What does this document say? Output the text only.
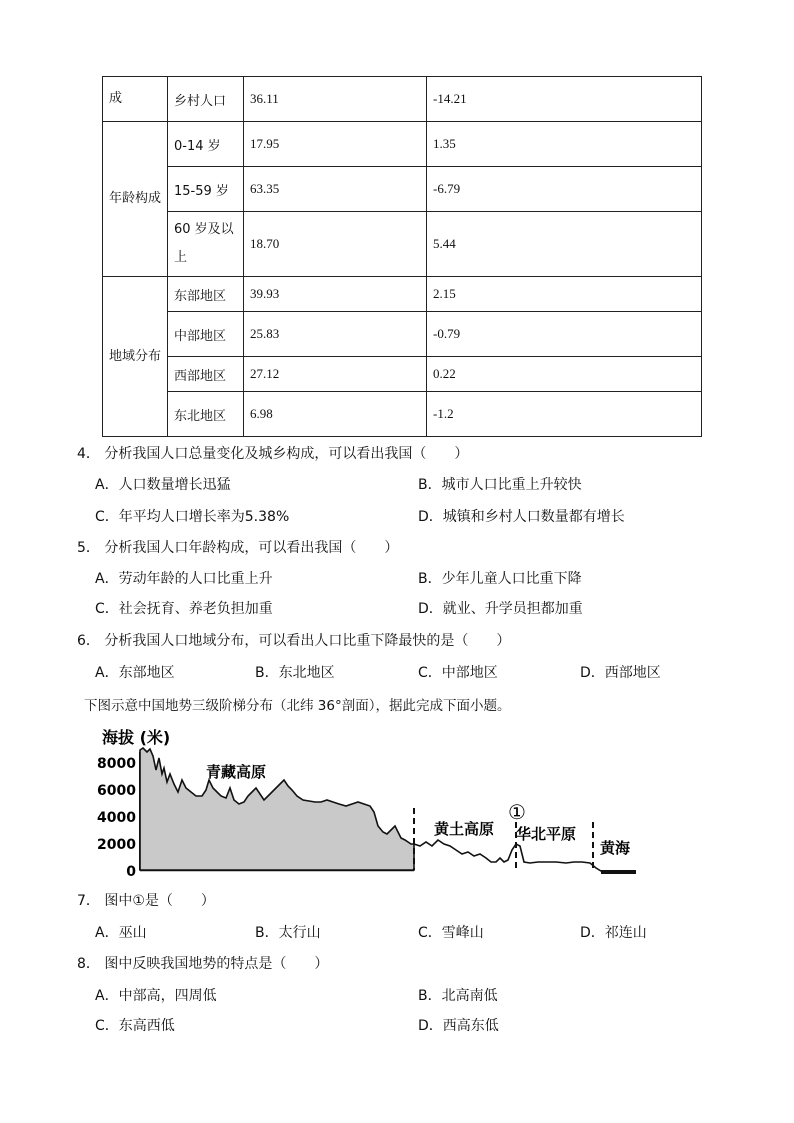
成	乡村人口	36.11	-14.21
年龄构成	0-14 岁	17.95	1.35
	15-59 岁	63.35	-6.79
	60 岁及以上	18.70	5.44
地域分布	东部地区	39.93	2.15
	中部地区	25.83	-0.79
	西部地区	27.12	0.22
	东北地区	6.98	-1.2
4． 分析我国人口总量变化及城乡构成，可以看出我国（　　）
A．人口数量增长迅猛	B．城市人口比重上升较快
C．年平均人口增长率为5.38%	D．城镇和乡村人口数量都有增长
5． 分析我国人口年龄构成，可以看出我国（　　）
A．劳动年龄的人口比重上升	B．少年儿童人口比重下降
C．社会抚育、养老负担加重	D．就业、升学员担都加重
6． 分析我国人口地域分布，可以看出人口比重下降最快的是（　　）
A．东部地区	B．东北地区	C．中部地区	D．西部地区
下图示意中国地势三级阶梯分布（北纬 36°剖面），据此完成下面小题。
海拔 (米)
8000
6000
4000
2000
0
青藏高原
黄土高原 华北平原
黄海
①
7． 图中①是（　　）
A．巫山	B．太行山	C．雪峰山	D．祁连山
8． 图中反映我国地势的特点是（　　）
A．中部高，四周低	B．北高南低
C．东高西低	D．西高东低
